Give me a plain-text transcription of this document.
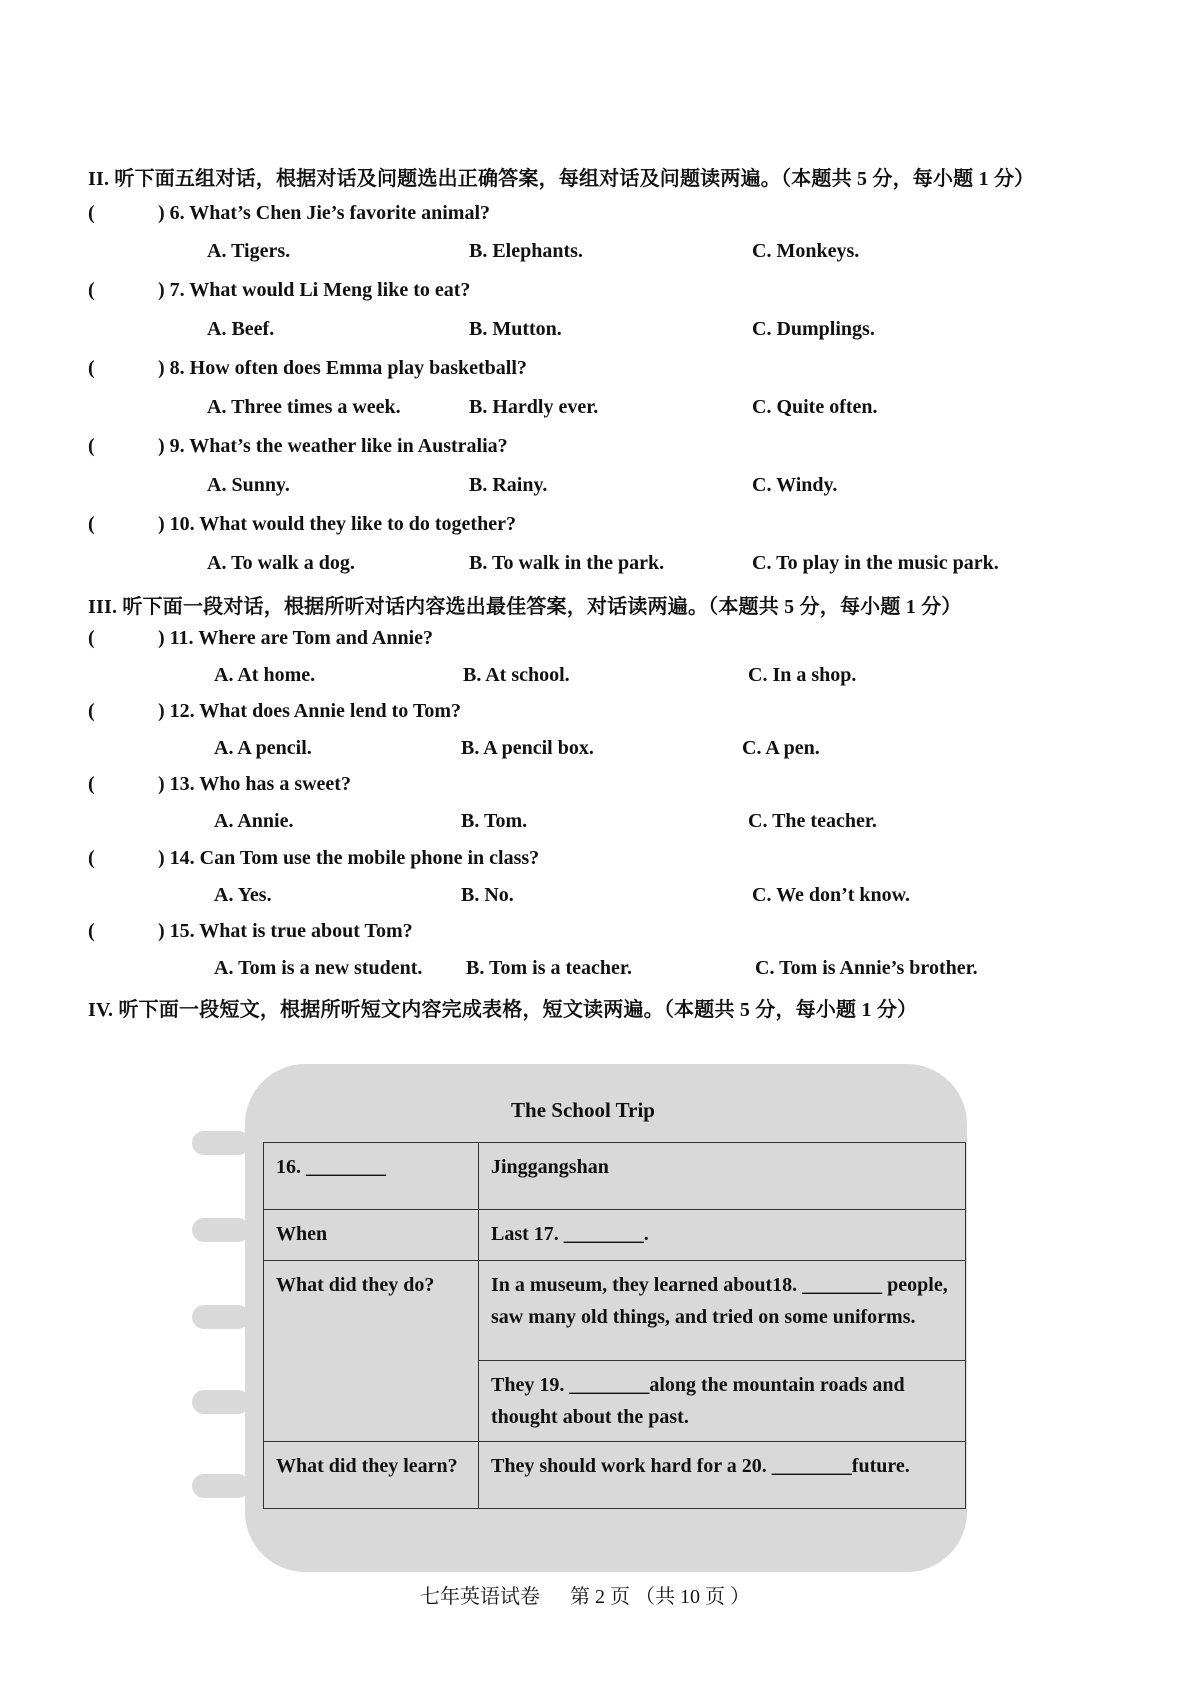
II. 听下面五组对话，根据对话及问题选出正确答案，每组对话及问题读两遍。（本题共 5 分，每小题 1 分）
(	) 6. What’s Chen Jie’s favorite animal?
A. Tigers.	B. Elephants.	C. Monkeys.
(	) 7. What would Li Meng like to eat?
A. Beef.	B. Mutton.	C. Dumplings.
(	) 8. How often does Emma play basketball?
A. Three times a week.	B. Hardly ever.	C. Quite often.
(	) 9. What’s the weather like in Australia?
A. Sunny.	B. Rainy.	C. Windy.
(	) 10. What would they like to do together?
A. To walk a dog.	B. To walk in the park.	C. To play in the music park.
III. 听下面一段对话，根据所听对话内容选出最佳答案，对话读两遍。（本题共 5 分，每小题 1 分）
(	) 11. Where are Tom and Annie?
A. At home.	B. At school.	C. In a shop.
(	) 12. What does Annie lend to Tom?
A. A pencil.	B. A pencil box.	C. A pen.
(	) 13. Who has a sweet?
A. Annie.	B. Tom.	C. The teacher.
(	) 14. Can Tom use the mobile phone in class?
A. Yes.	B. No.	C. We don’t know.
(	) 15. What is true about Tom?
A. Tom is a new student. B. Tom is a teacher.	C. Tom is Annie’s brother.
IV. 听下面一段短文，根据所听短文内容完成表格，短文读两遍。（本题共 5 分，每小题 1 分）
The School Trip
16. ________	Jinggangshan
When	Last 17. ________.
What did they do?	In a museum, they learned about18. ________ people, saw many old things, and tried on some uniforms.
	They 19. ________along the mountain roads and thought about the past.
What did they learn?	They should work hard for a 20. ________future.
七年英语试卷      第 2 页 （共 10 页 ）
